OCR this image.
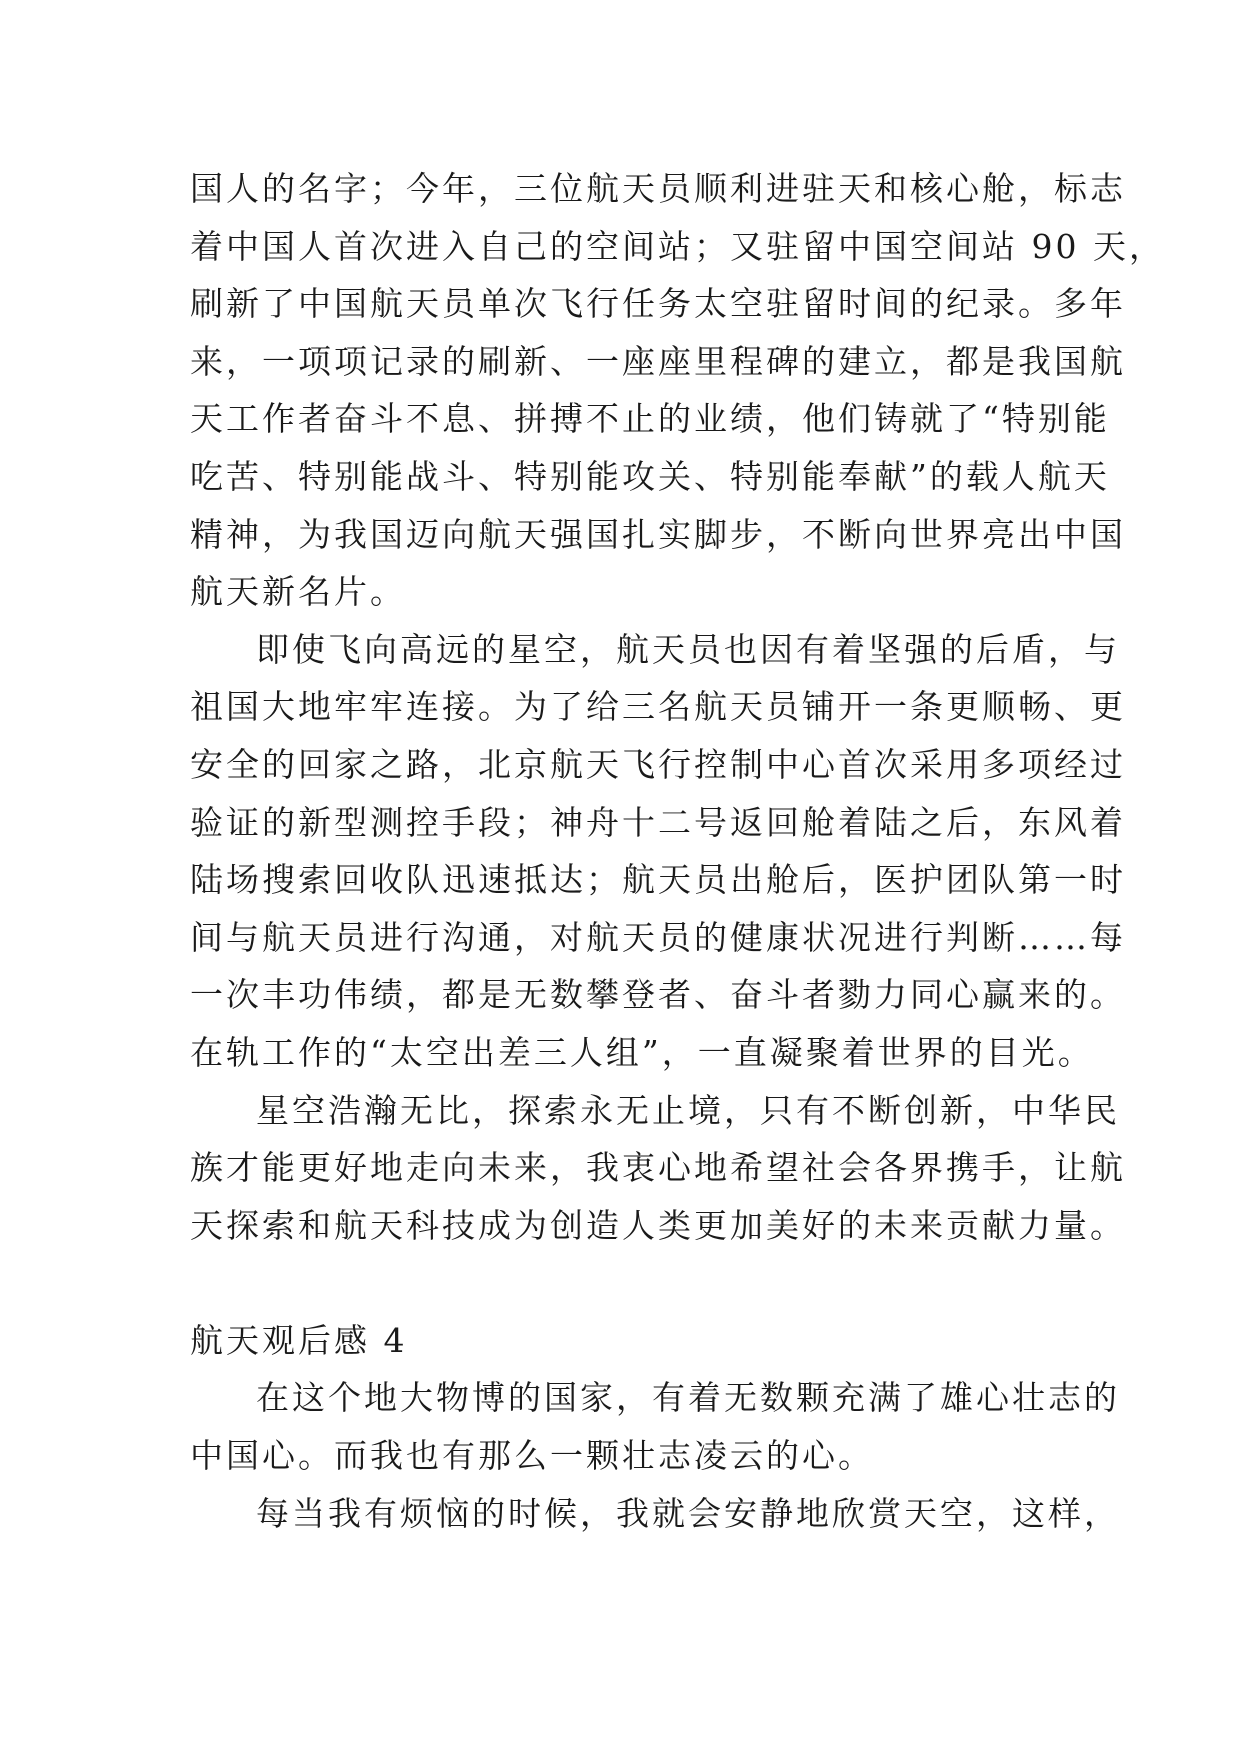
国人的名字；今年，三位航天员顺利进驻天和核心舱，标志
着中国人首次进入自己的空间站；又驻留中国空间站 90 天，
刷新了中国航天员单次飞行任务太空驻留时间的纪录。多年
来，一项项记录的刷新、一座座里程碑的建立，都是我国航
天工作者奋斗不息、拼搏不止的业绩，他们铸就了“特别能
吃苦、特别能战斗、特别能攻关、特别能奉献”的载人航天
精神，为我国迈向航天强国扎实脚步，不断向世界亮出中国
航天新名片。
即使飞向高远的星空，航天员也因有着坚强的后盾，与
祖国大地牢牢连接。为了给三名航天员铺开一条更顺畅、更
安全的回家之路，北京航天飞行控制中心首次采用多项经过
验证的新型测控手段；神舟十二号返回舱着陆之后，东风着
陆场搜索回收队迅速抵达；航天员出舱后，医护团队第一时
间与航天员进行沟通，对航天员的健康状况进行判断……每
一次丰功伟绩，都是无数攀登者、奋斗者勠力同心赢来的。
在轨工作的“太空出差三人组”，一直凝聚着世界的目光。
星空浩瀚无比，探索永无止境，只有不断创新，中华民
族才能更好地走向未来，我衷心地希望社会各界携手，让航
天探索和航天科技成为创造人类更加美好的未来贡献力量。
航天观后感 4
在这个地大物博的国家，有着无数颗充满了雄心壮志的
中国心。而我也有那么一颗壮志凌云的心。
每当我有烦恼的时候，我就会安静地欣赏天空，这样，
